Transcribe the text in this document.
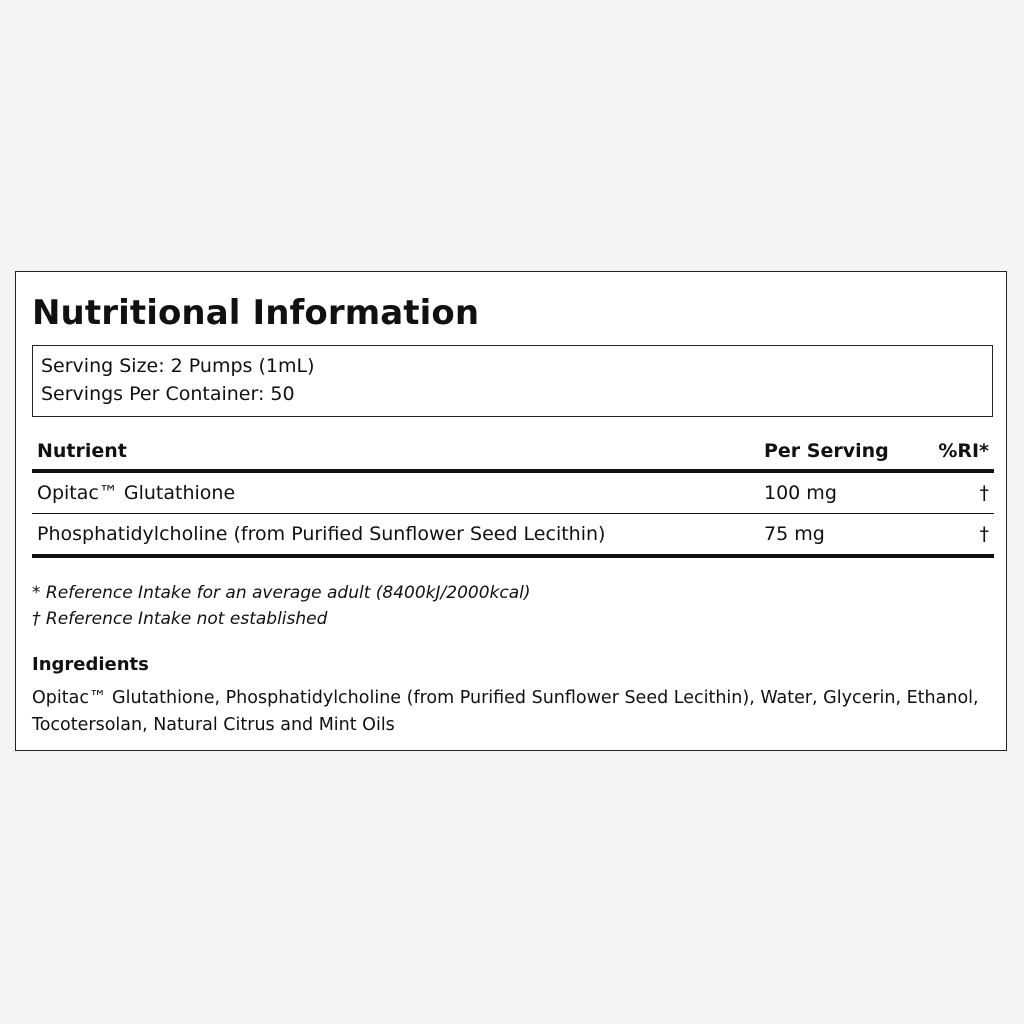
Nutritional Information
Serving Size: 2 Pumps (1mL)
Servings Per Container: 50
Nutrient	Per Serving	%RI*
Opitac™ Glutathione	100 mg	†
Phosphatidylcholine (from Purified Sunflower Seed Lecithin)	75 mg	†
* Reference Intake for an average adult (8400kJ/2000kcal)
† Reference Intake not established
Ingredients
Opitac™ Glutathione, Phosphatidylcholine (from Purified Sunflower Seed Lecithin), Water, Glycerin, Ethanol, Tocotersolan, Natural Citrus and Mint Oils
